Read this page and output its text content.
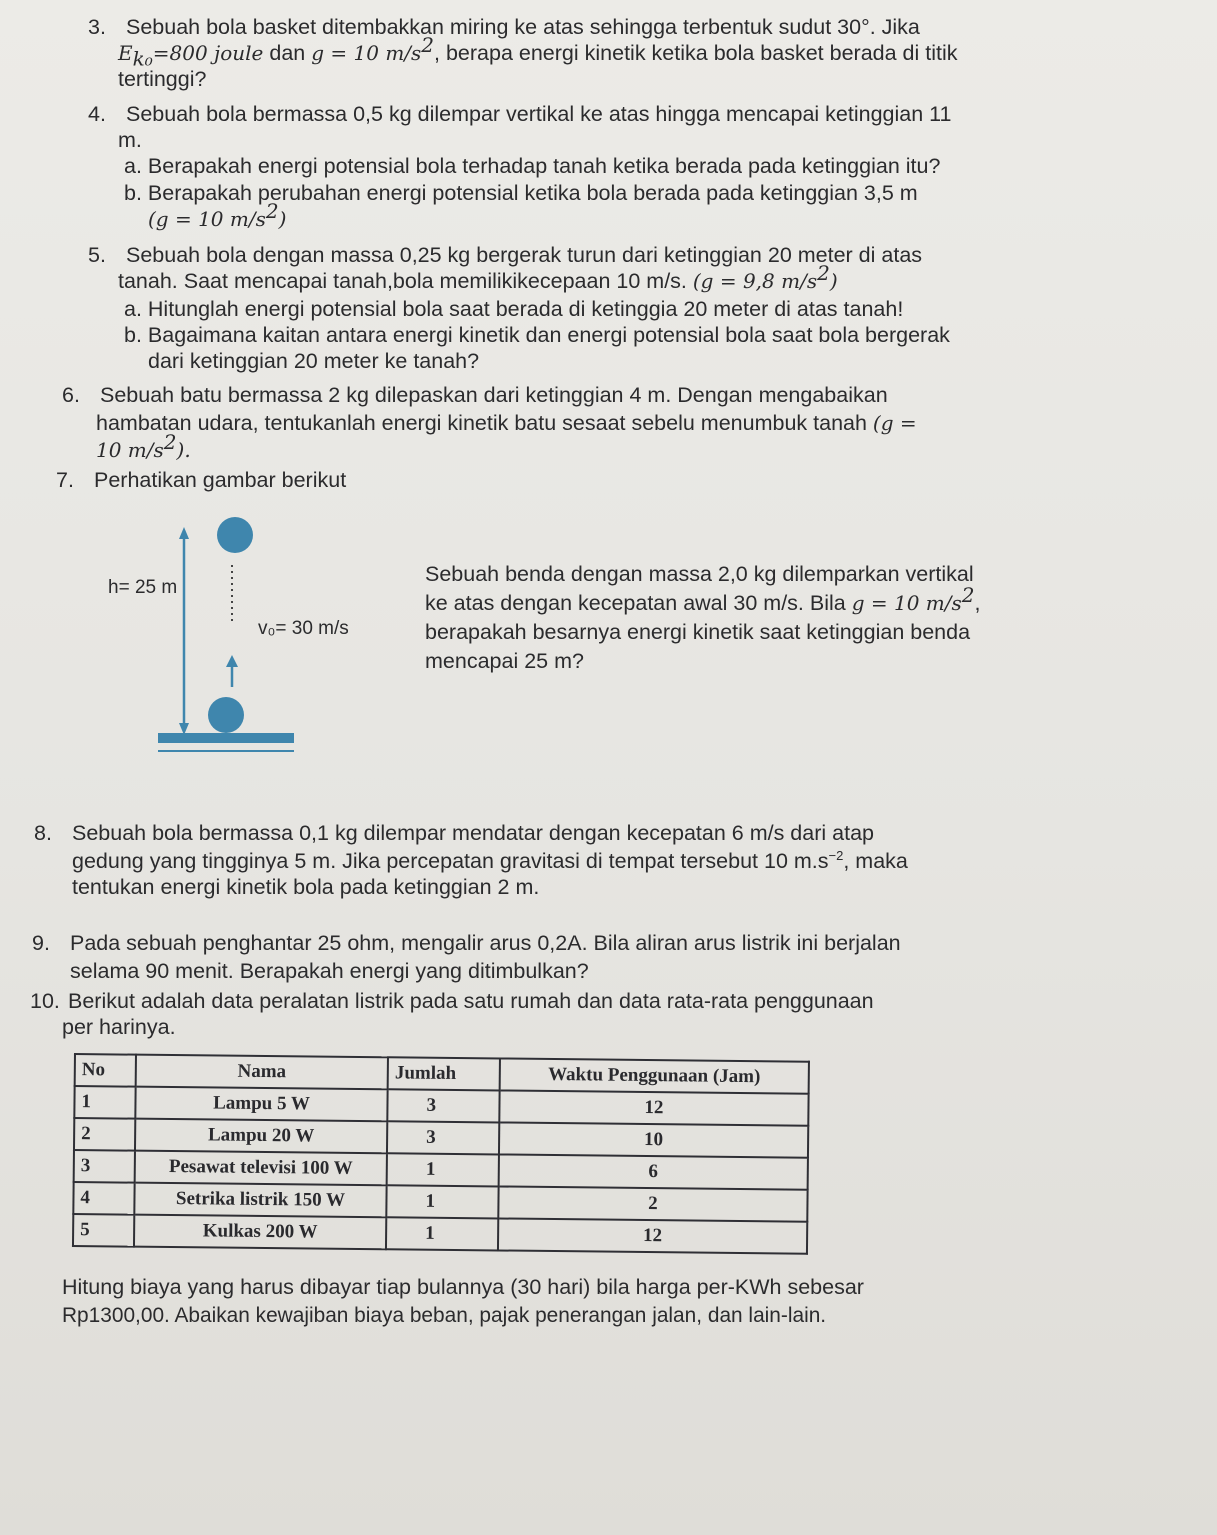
3. Sebuah bola basket ditembakkan miring ke atas sehingga terbentuk sudut 30°. Jika
$E_{k_0}=800$ joule dan g = 10 $m/s^2$, berapa energi kinetik ketika bola basket berada di titik
tertinggi?
4. Sebuah bola bermassa 0,5 kg dilempar vertikal ke atas hingga mencapai ketinggian 11
m.
a. Berapakah energi potensial bola terhadap tanah ketika berada pada ketinggian itu?
b. Berapakah perubahan energi potensial ketika bola berada pada ketinggian 3,5 m
(g = 10 $m/s^2$)
5. Sebuah bola dengan massa 0,25 kg bergerak turun dari ketinggian 20 meter di atas
tanah. Saat mencapai tanah,bola memilikikecepaan 10 m/s. (g = 9,8 $m/s^2$)
a. Hitunglah energi potensial bola saat berada di ketinggia 20 meter di atas tanah!
b. Bagaimana kaitan antara energi kinetik dan energi potensial bola saat bola bergerak
dari ketinggian 20 meter ke tanah?
6. Sebuah batu bermassa 2 kg dilepaskan dari ketinggian 4 m. Dengan mengabaikan
hambatan udara, tentukanlah energi kinetik batu sesaat sebelu menumbuk tanah (g =
10 $m/s^2$).
7. Perhatikan gambar berikut
h= 25 m
v₀= 30 m/s
Sebuah benda dengan massa 2,0 kg dilemparkan vertikal
ke atas dengan kecepatan awal 30 m/s. Bila g = 10 $m/s^2$,
berapakah besarnya energi kinetik saat ketinggian benda
mencapai 25 m?
8. Sebuah bola bermassa 0,1 kg dilempar mendatar dengan kecepatan 6 m/s dari atap
gedung yang tingginya 5 m. Jika percepatan gravitasi di tempat tersebut 10 $m.s^{-2}$, maka
tentukan energi kinetik bola pada ketinggian 2 m.
9. Pada sebuah penghantar 25 ohm, mengalir arus 0,2A. Bila aliran arus listrik ini berjalan
selama 90 menit. Berapakah energi yang ditimbulkan?
10. Berikut adalah data peralatan listrik pada satu rumah dan data rata-rata penggunaan
per harinya.
No	Nama	Jumlah	Waktu Penggunaan (Jam)
1	Lampu 5 W	3	12
2	Lampu 20 W	3	10
3	Pesawat televisi 100 W	1	6
4	Setrika listrik 150 W	1	2
5	Kulkas 200 W	1	12
Hitung biaya yang harus dibayar tiap bulannya (30 hari) bila harga per-KWh sebesar
Rp1300,00. Abaikan kewajiban biaya beban, pajak penerangan jalan, dan lain-lain.
